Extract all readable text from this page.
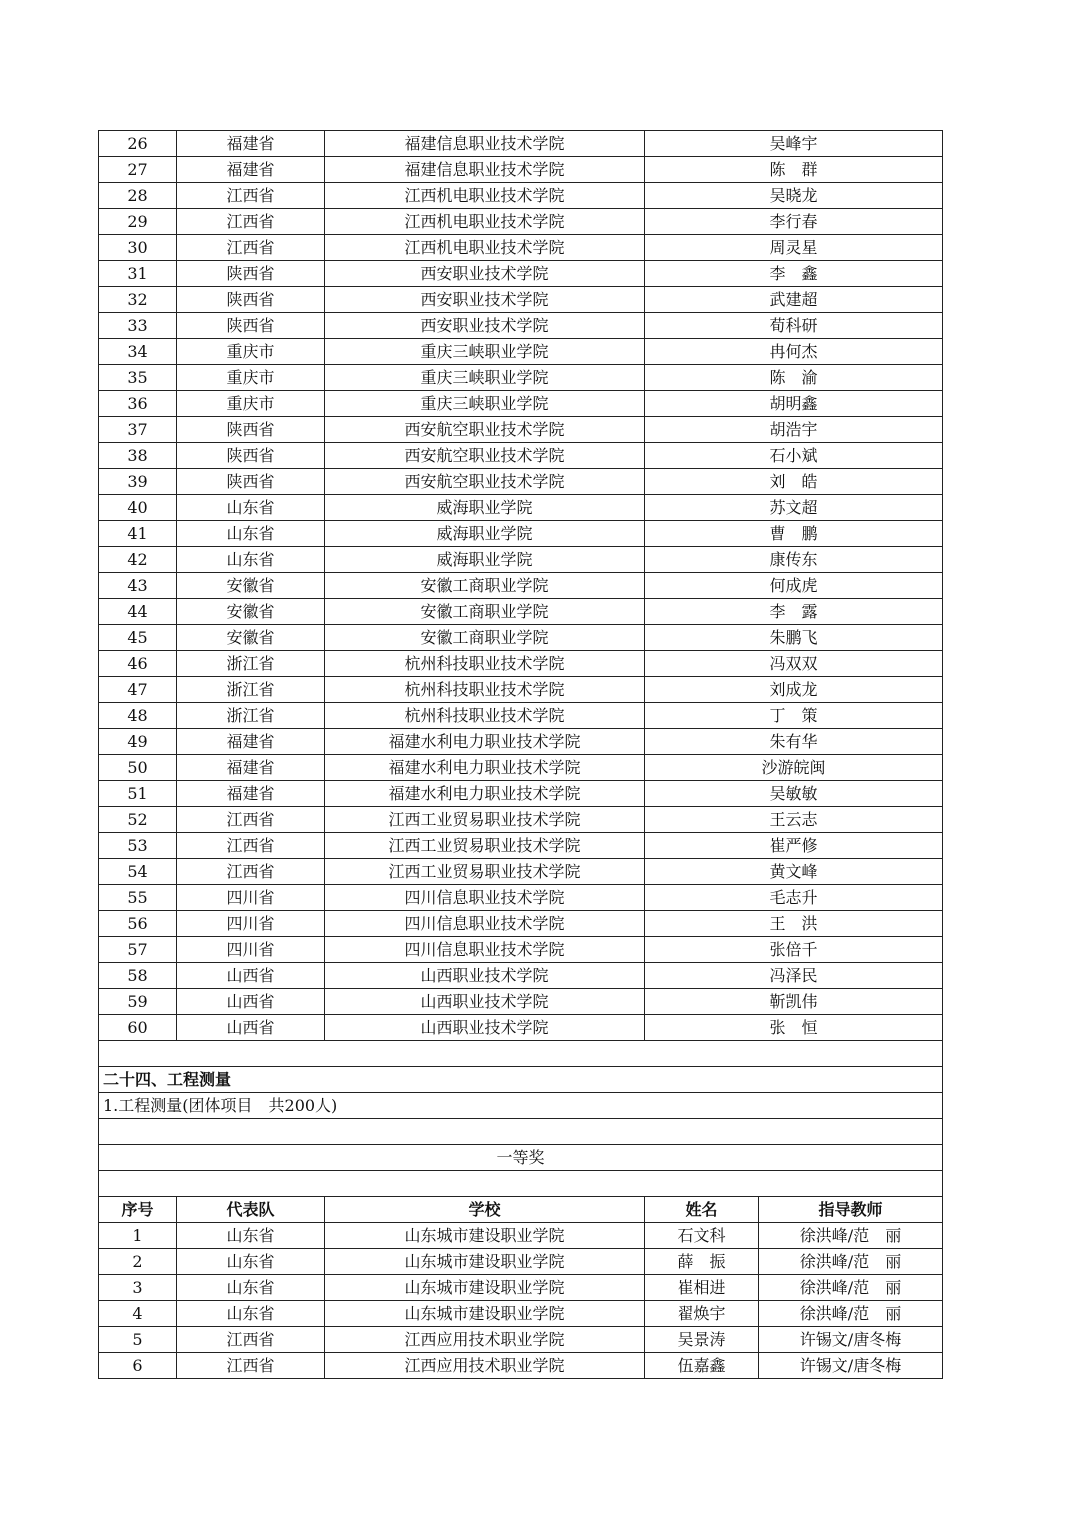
26	福建省	福建信息职业技术学院	吴峰宇	
27	福建省	福建信息职业技术学院	陈　群	
28	江西省	江西机电职业技术学院	吴晓龙	
29	江西省	江西机电职业技术学院	李行春	
30	江西省	江西机电职业技术学院	周灵星	
31	陕西省	西安职业技术学院	李　鑫	
32	陕西省	西安职业技术学院	武建超	
33	陕西省	西安职业技术学院	荀科研	
34	重庆市	重庆三峡职业学院	冉何杰	
35	重庆市	重庆三峡职业学院	陈　渝	
36	重庆市	重庆三峡职业学院	胡明鑫	
37	陕西省	西安航空职业技术学院	胡浩宇	
38	陕西省	西安航空职业技术学院	石小斌	
39	陕西省	西安航空职业技术学院	刘　皓	
40	山东省	威海职业学院	苏文超	
41	山东省	威海职业学院	曹　鹏	
42	山东省	威海职业学院	康传东	
43	安徽省	安徽工商职业学院	何成虎	
44	安徽省	安徽工商职业学院	李　露	
45	安徽省	安徽工商职业学院	朱鹏飞	
46	浙江省	杭州科技职业技术学院	冯双双	
47	浙江省	杭州科技职业技术学院	刘成龙	
48	浙江省	杭州科技职业技术学院	丁　策	
49	福建省	福建水利电力职业技术学院	朱有华	
50	福建省	福建水利电力职业技术学院	沙游皖闽	
51	福建省	福建水利电力职业技术学院	吴敏敏	
52	江西省	江西工业贸易职业技术学院	王云志	
53	江西省	江西工业贸易职业技术学院	崔严修	
54	江西省	江西工业贸易职业技术学院	黄文峰	
55	四川省	四川信息职业技术学院	毛志升	
56	四川省	四川信息职业技术学院	王　洪	
57	四川省	四川信息职业技术学院	张倍千	
58	山西省	山西职业技术学院	冯泽民	
59	山西省	山西职业技术学院	靳凯伟	
60	山西省	山西职业技术学院	张　恒	

二十四、工程测量				
1.工程测量(团体项目　共200人)				

一等奖				

序号	代表队	学校	姓名	指导教师
1	山东省	山东城市建设职业学院	石文科	徐洪峰/范　丽
2	山东省	山东城市建设职业学院	薛　振	徐洪峰/范　丽
3	山东省	山东城市建设职业学院	崔相进	徐洪峰/范　丽
4	山东省	山东城市建设职业学院	翟焕宇	徐洪峰/范　丽
5	江西省	江西应用技术职业学院	吴景涛	许锡文/唐冬梅
6	江西省	江西应用技术职业学院	伍嘉鑫	许锡文/唐冬梅
